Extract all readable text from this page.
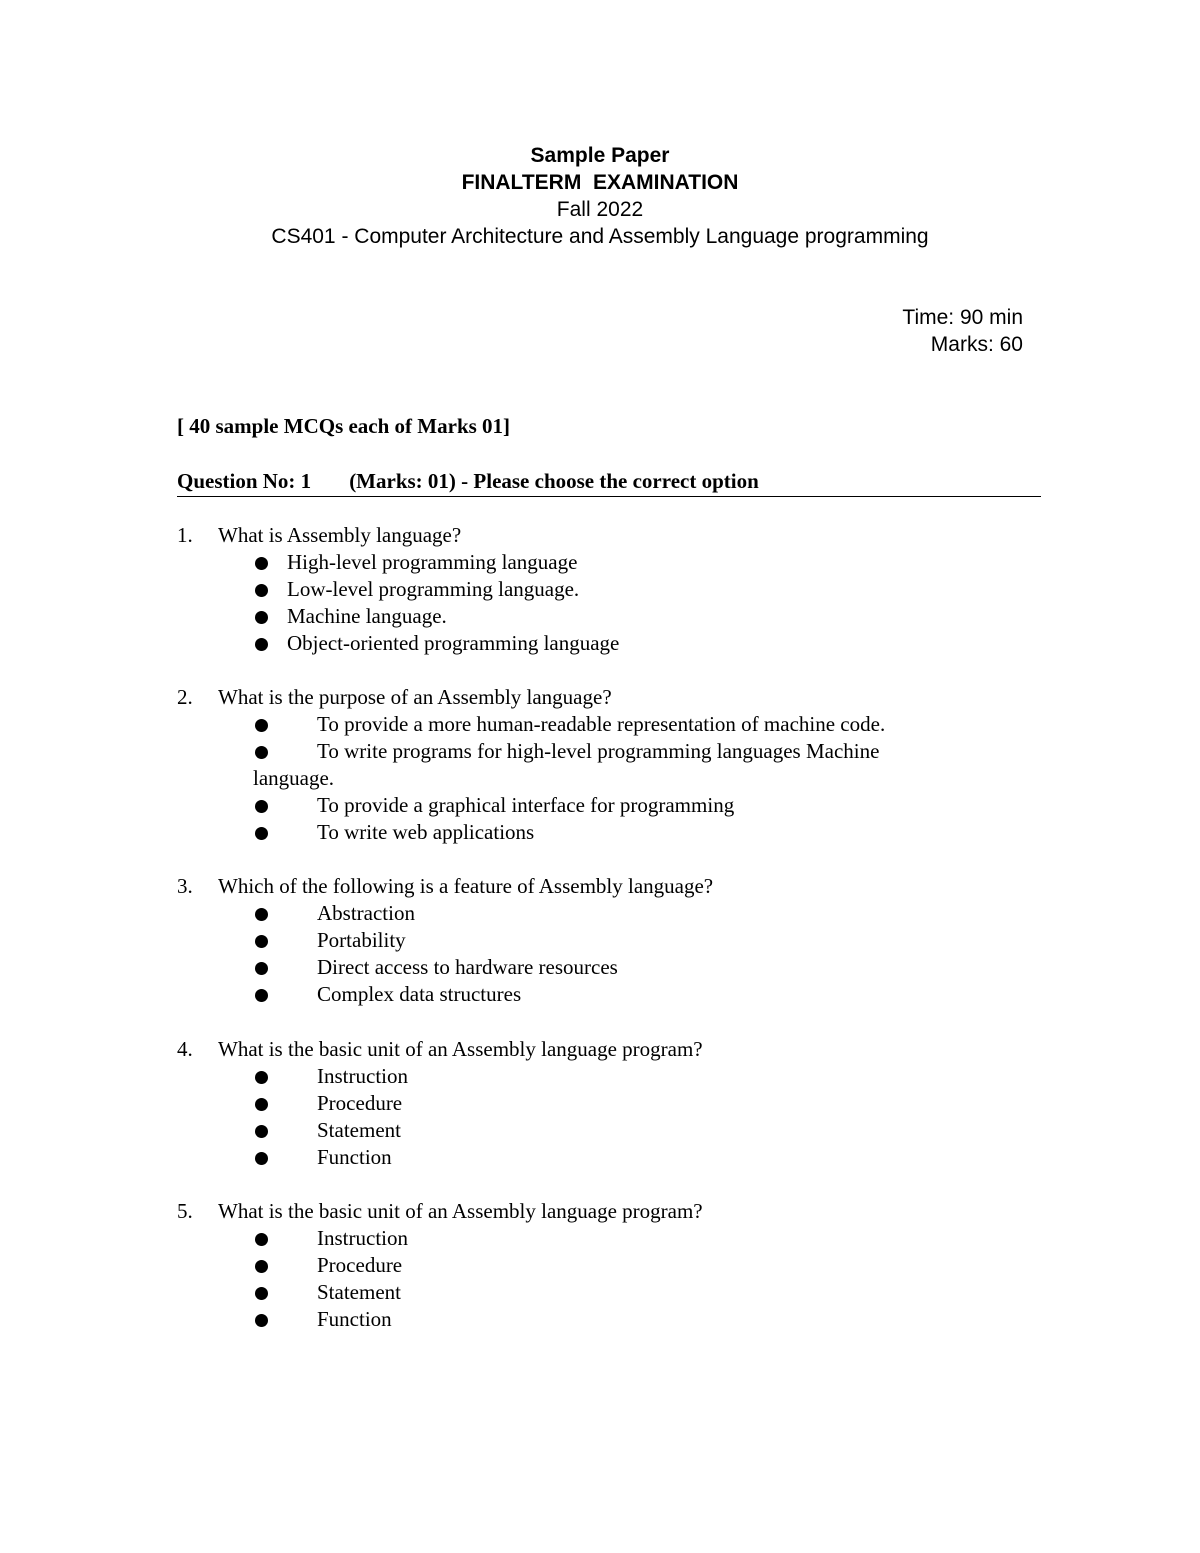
Sample Paper
FINALTERM  EXAMINATION
Fall 2022
CS401 - Computer Architecture and Assembly Language programming
Time: 90 min
Marks: 60
[ 40 sample MCQs each of Marks 01]
Question No: 1 (Marks: 01) - Please choose the correct option
1. What is Assembly language?
High-level programming language
Low-level programming language.
Machine language.
Object-oriented programming language
2. What is the purpose of an Assembly language?
To provide a more human-readable representation of machine code.
To write programs for high-level programming languages Machine
language.
To provide a graphical interface for programming
To write web applications
3. Which of the following is a feature of Assembly language?
Abstraction
Portability
Direct access to hardware resources
Complex data structures
4. What is the basic unit of an Assembly language program?
Instruction
Procedure
Statement
Function
5. What is the basic unit of an Assembly language program?
Instruction
Procedure
Statement
Function
